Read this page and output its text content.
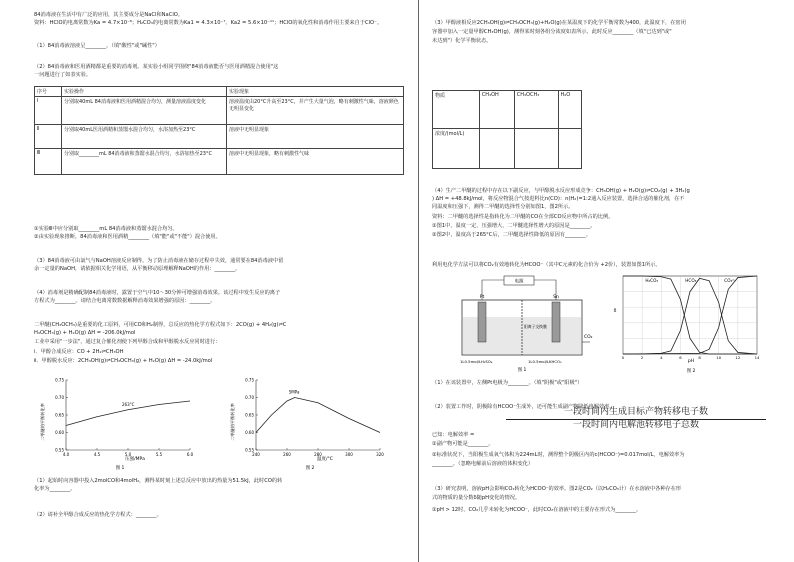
84消毒液在生活中有广泛的应用，其主要成分是NaCl和NaClO。
资料：HClO的电离常数为Ka = 4.7×10⁻⁸；H₂CO₃的电离常数为Ka1 = 4.3×10⁻⁷、Ka2 = 5.6×10⁻¹¹；HClO的氧化性和消毒作用主要来自于ClO⁻。
（1）84消毒液溶液呈________。（填"酸性"或"碱性"）
（2）84消毒液和医用酒精都是重要的消毒剂。某实验小组同学围绕"84消毒液能否与医用酒精混合使用"这
一问题进行了如表实验。
序号	实验操作	实验现象
Ⅰ	分别取40mL 84消毒液和医用酒精混合均匀，测量溶液温度变化	溶液温度由20°C升高至23°C，并产生大量气泡，略有刺激性气味，溶液颜色无明显变化
Ⅱ	分别取40mL医用酒精和蒸馏水混合均匀，水浴加热至23°C	溶液中无明显现象
Ⅲ	分别取________mL 84消毒液和蒸馏水混合均匀，水浴加热至23°C	溶液中无明显现象，略有刺激性气味
①实验Ⅲ中应分别取________mL 84消毒液和蒸馏水混合均匀。
②由实验现象推断，84消毒液和医用酒精________（填"能"或"不能"）混合使用。
（3）84消毒液可由氯气与NaOH溶液反应制得。为了防止消毒液在储存过程中失效，通常要在84消毒液中留
余一定量的NaOH，请依据相关化学用语，从平衡移动原理解释NaOH的作用：________。
（4）消毒剂是精确配制84消毒液时，露置于空气中10～30分钟可增强消毒效果。该过程中发生反应的离子
方程式为________。请结合电离常数数据解释消毒效果增强的原因：________。
二甲醚(CH₃OCH₃)是重要的化工原料，可用CO和H₂制得，总反应的热化学方程式如下：2CO(g) + 4H₂(g)⇌C
H₃OCH₃(g) + H₂O(g) ΔH = -206.0kJ/mol
工业中采用"一步法"，通过复合催化剂使下列甲醇合成和甲醇脱水反应同时进行：
ⅰ．甲醇合成反应：CO + 2H₂⇌CH₃OH
ⅱ．甲醇脱水反应：2CH₃OH(g)⇌CH₃OCH₃(g) + H₂O(g) ΔH = -24.0kJ/mol
二甲醚的平衡转化率
压强/MPa
图 1
0.75
0.70
0.65
0.60
0.55
4.0	4.5	5.0	5.5	6.0
263°C	二甲醚的平衡转化率
温度/°C
图 2
0.75
0.70
0.65
0.60
0.55
240	260	280	300	320
5MPa
（1）起始时向容器中投入2molCO和4molH₂，测得某时刻上述总反应中放出的热量为51.5kJ，此时CO的转
化率为________。
（2）请补全甲醇合成反应的热化学方程式：________。
（3）甲醇液相反应2CH₃OH(g)⇌CH₃OCH₃(g)+H₂O(g)在某温度下的化学平衡常数为400，此温度下，在密闭
容器中加入一定量甲醇CH₃OH(g)，测得某时刻各组分浓度如表所示，此时反应________（填"已达到"或"
未达到"）化学平衡状态。
物质	CH₃OH	CH₃OCH₃	H₂O
浓度/(mol/L)			
（4）生产二甲醚的过程中存在以下副反应，与甲醇脱水反应形成竞争：CH₃OH(g) + H₂O(g)⇌CO₂(g) + 3H₂(g
) ΔH = +48.8kJ/mol，将反应物混合气按进料比n(CO)：n(H₂)=1:2通入反应装置，选择合适的催化剂，在不
同温度和压强下，测得二甲醚的选择性分别如图1，图2所示。
资料：二甲醚的选择性是指转化为二甲醚的CO在全部CO反应物中所占的比例。
①图1中，温度一定，压强增大，二甲醚选择性增大的原因是________。
②图2中，温度高于265°C后，二甲醚选择性降低的原因有________。
利用电化学方法可以将CO₂有效地转化为HCOO⁻（其中C元素的化合价为 +2价），装置如图1所示。
电源
Pt	Sn
CO₂
阳离子交换膜
1L0.5mol/LH₂SO₄	1L0.5mol/LKHCO₃
图 1
δ
pH
图 2
0	2	4	6	8	10	12	14
H₂CO₃	HCO₃⁻	CO₃²⁻
（1）在该装置中，左侧Pt电极为________。（填"阴极"或"阳极"）
（2）装置工作时，阴极除有HCOO⁻生成外，还可能生成副产物降低电解效率。
一段时间内生成目标产物转移电子数
一段时间内电解池转移电子总数
已知：电解效率 =
①副产物可能是________。
②标准状况下，当阳极生成氧气体积为224mL时，测得整个阴极区内的c(HCOO⁻)=0.017mol/L，电解效率为
________。（忽略电解前后溶液的体积变化）
（3）研究表明，溶液pH会影响CO₂转化为HCOO⁻的效率。图2是CO₂（以H₂CO₃计）在水溶液中各种存在形
式的物质的量分数δ随pH变化的情况。
①pH > 12时，CO₂几乎未转化为HCOO⁻，此时CO₂在溶液中的主要存在形式为________。
